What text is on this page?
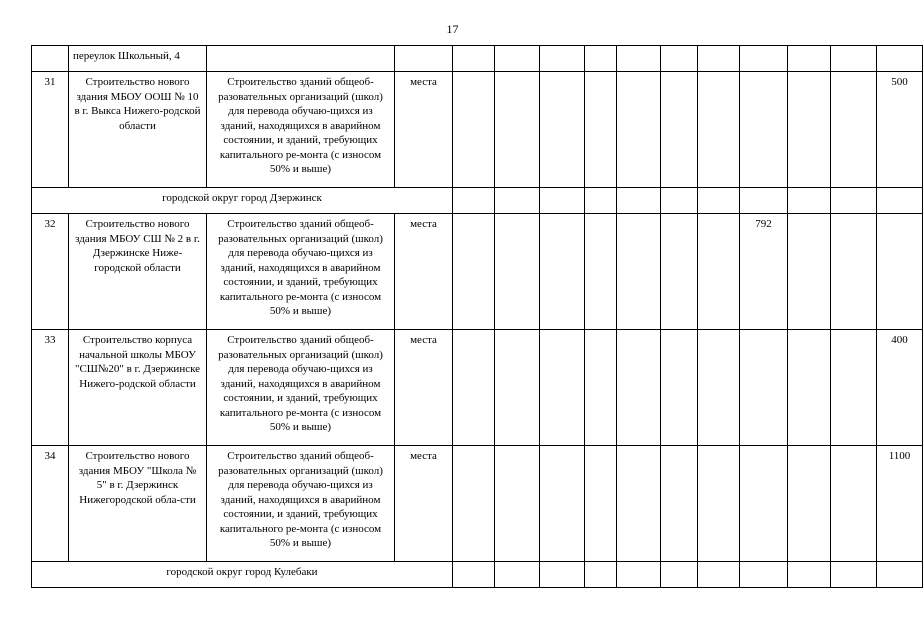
17
	переулок Школьный, 4													
31	Строительство нового здания МБОУ ООШ № 10 в г. Выкса Нижего-родской области	Строительство зданий общеоб-разовательных организаций (школ) для перевода обучаю-щихся из зданий, находящихся в аварийном состоянии, и зданий, требующих капитального ре-монта (с износом 50% и выше)	места											500
городской округ город Дзержинск														
32	Строительство нового здания МБОУ СШ № 2 в г. Дзержинске Ниже-городской области	Строительство зданий общеоб-разовательных организаций (школ) для перевода обучаю-щихся из зданий, находящихся в аварийном состоянии, и зданий, требующих капитального ре-монта (с износом 50% и выше)	места								792			
33	Строительство корпуса начальной школы МБОУ "СШ№20" в г. Дзержинске Нижего-родской области	Строительство зданий общеоб-разовательных организаций (школ) для перевода обучаю-щихся из зданий, находящихся в аварийном состоянии, и зданий, требующих капитального ре-монта (с износом 50% и выше)	места											400
34	Строительство нового здания МБОУ "Школа № 5" в г. Дзержинск Нижегородской обла-сти	Строительство зданий общеоб-разовательных организаций (школ) для перевода обучаю-щихся из зданий, находящихся в аварийном состоянии, и зданий, требующих капитального ре-монта (с износом 50% и выше)	места											1100
городской округ город Кулебаки														
